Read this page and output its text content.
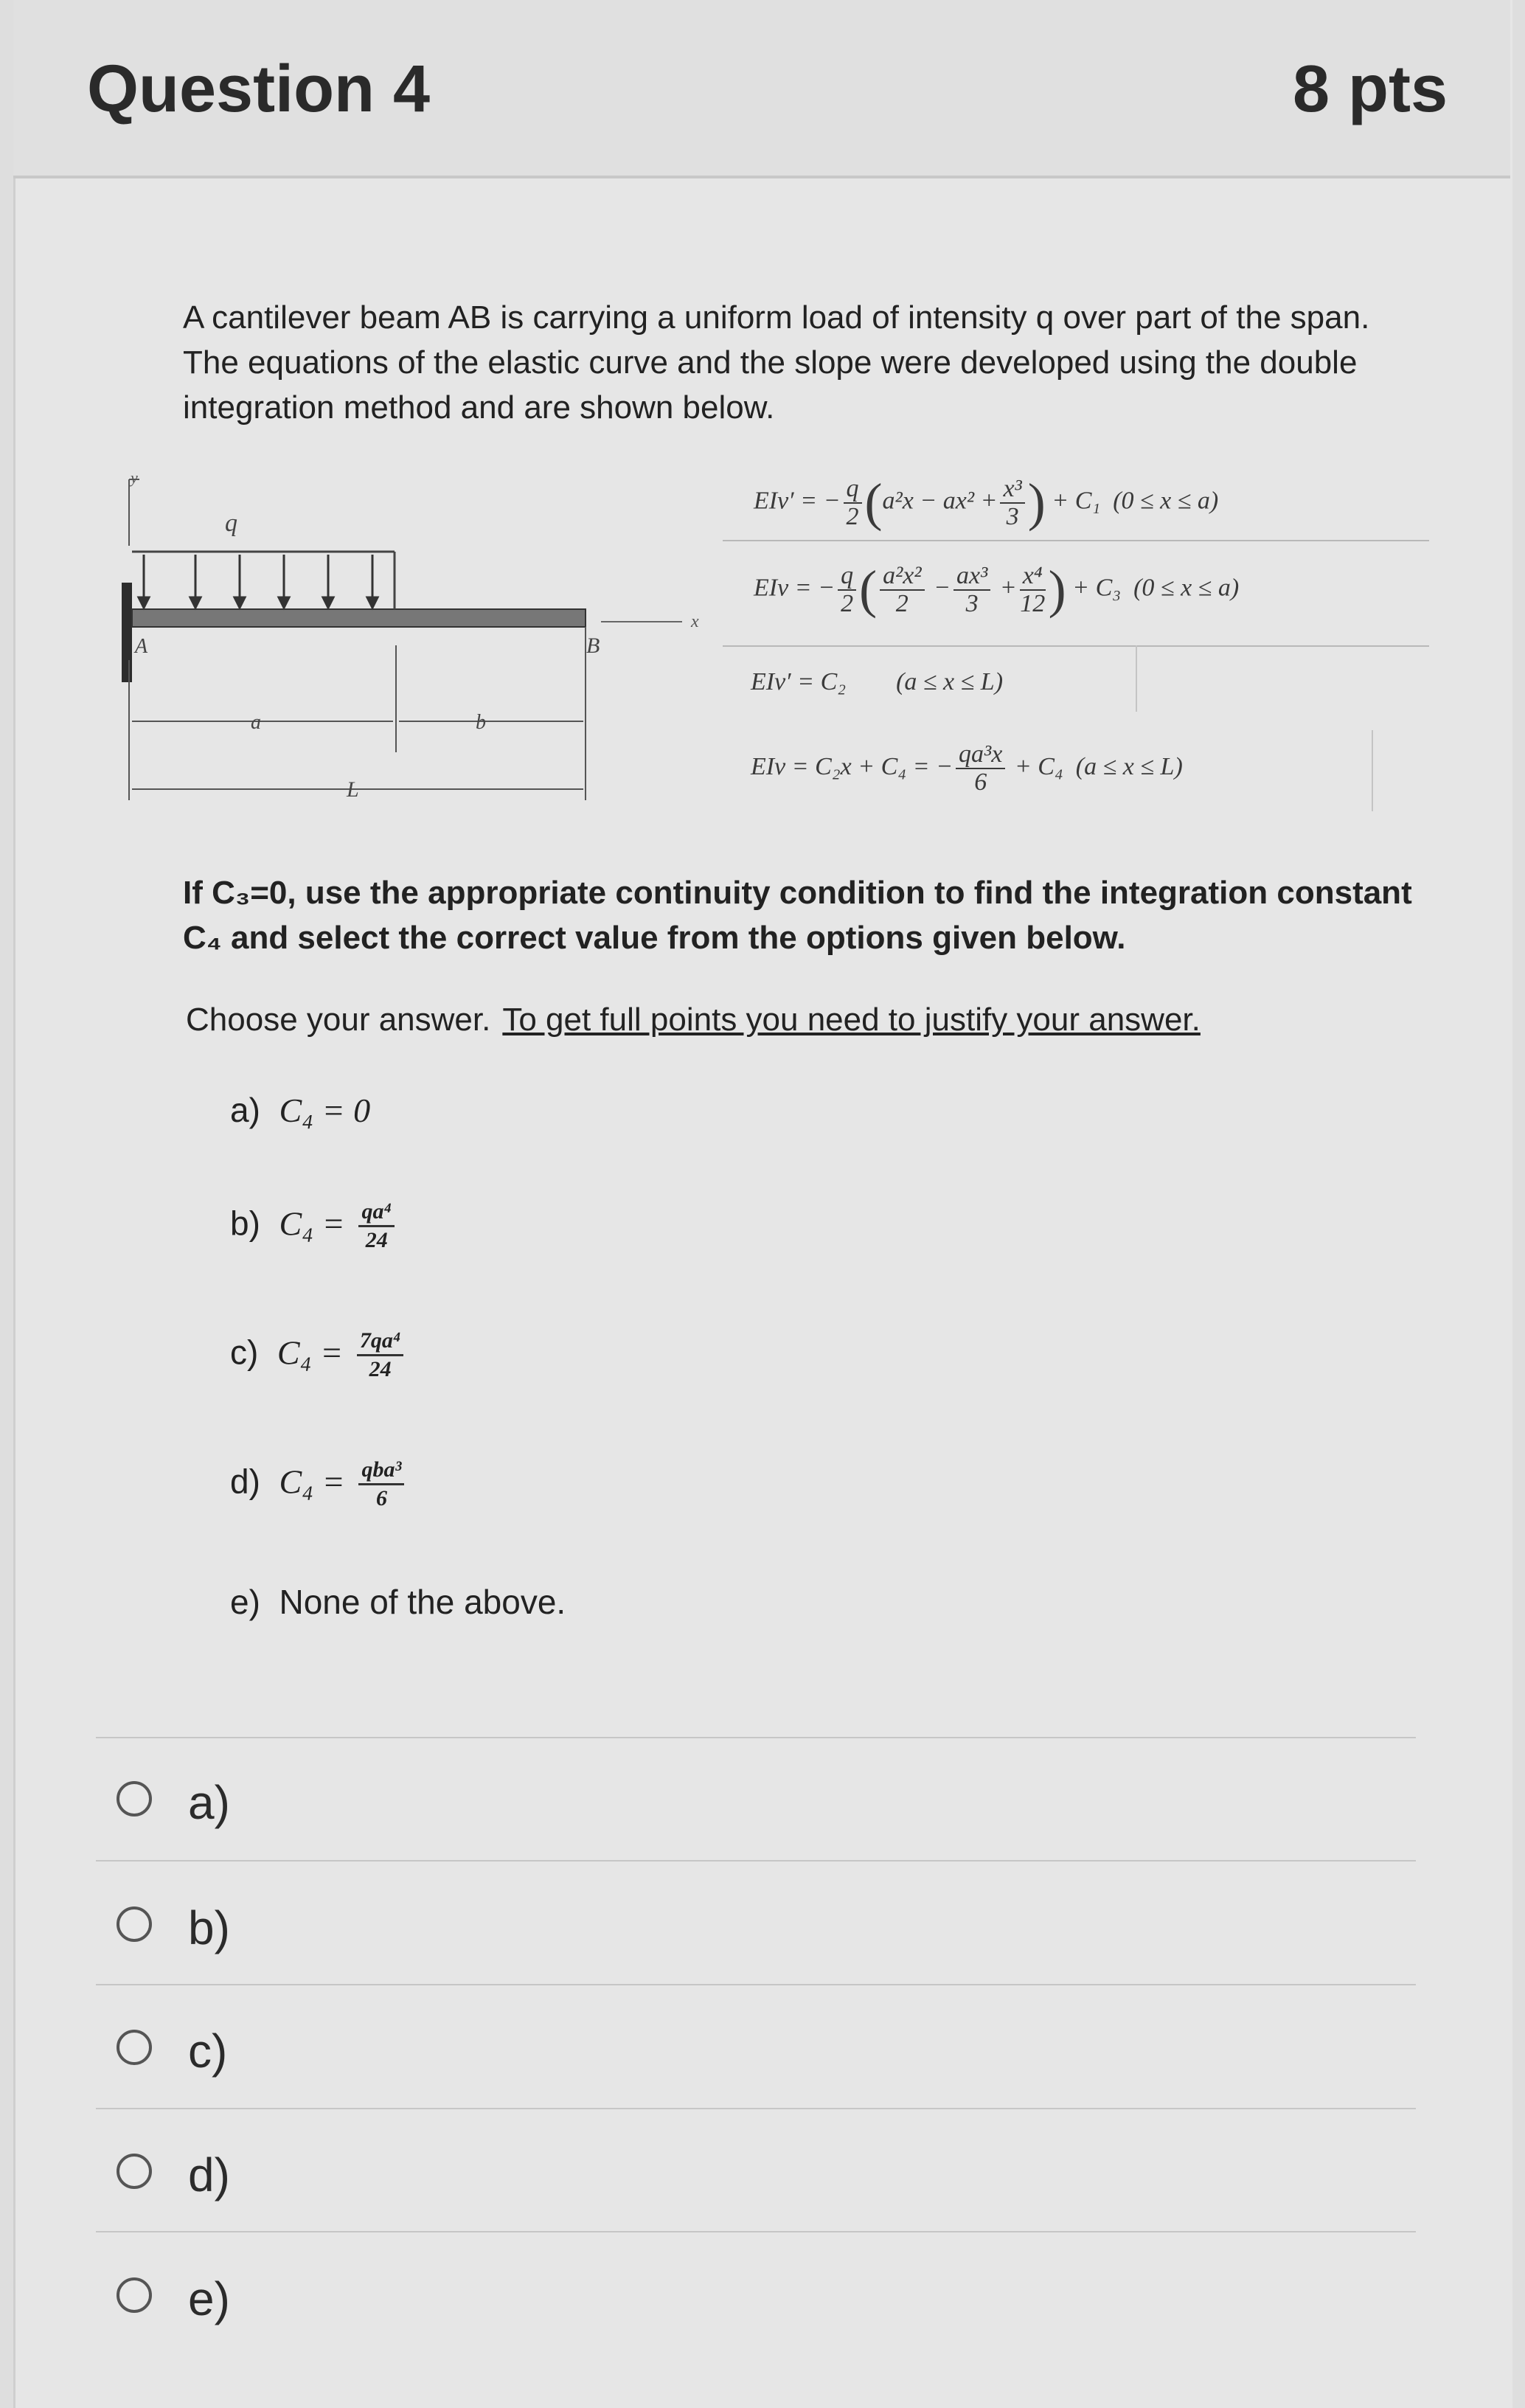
Question 4	8 pts
A cantilever beam AB is carrying a uniform load of intensity q over part of the span. The equations of the elastic curve and the slope were developed using the double integration method and are shown below.
y
q
A	B
x
a	b
L
EIv′ = − $\frac{q}{2} (a^2x - ax^2 + \frac{\text{x³}}{3}$ ) + C₁ (0 ≤ x ≤ a)
EIv = − $\frac{q}{2}$ ( $\frac{\text{a²x²}}{2} - \frac{\text{ax³}}{3} + \frac{\text{x⁴}}{12}$ ) + C₃ (0 ≤ x ≤ a)
EIv′ = C₂ (a ≤ x ≤ L)
EIv = C₂x + C₄ = − $\frac{\text{qa³x}}{6} + C_4$ (a ≤ x ≤ L)
If C₃=0, use the appropriate continuity condition to find the integration constant C₄ and select the correct value from the options given below.
Choose your answer. To get full points you need to justify your answer.
a) C₄ = 0
b) $C_4 = \frac{\text{qa⁴}}{24}$
c) $C_4 = \frac{\text{7qa⁴}}{24}$
d) C₄ = qba³
6
e) None of the above.
a)
b)
c)
d)
e)
